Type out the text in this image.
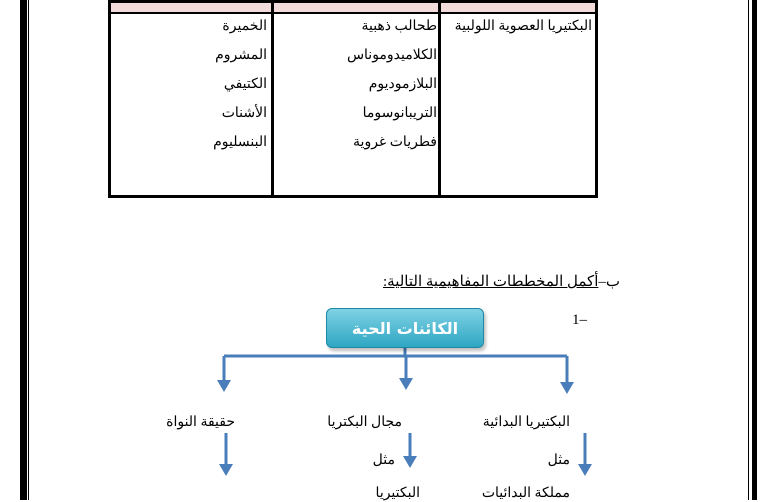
البكتيريا العصوية اللولبية
طحالب ذهبية
الكلاميدوموناس
البلازموديوم
التريبانوسوما
فطريات غروية
الخميرة
المشروم
الكتيفي
الأشنات
البنسليوم
ب–أكمل المخططات المفاهيمية التالية:
1–
الكائنات الحية
البكتيريا البدائية
مجال البكتريا
حقيقة النواة
مثل
مثل
مملكة البدائيات
البكتيريا
